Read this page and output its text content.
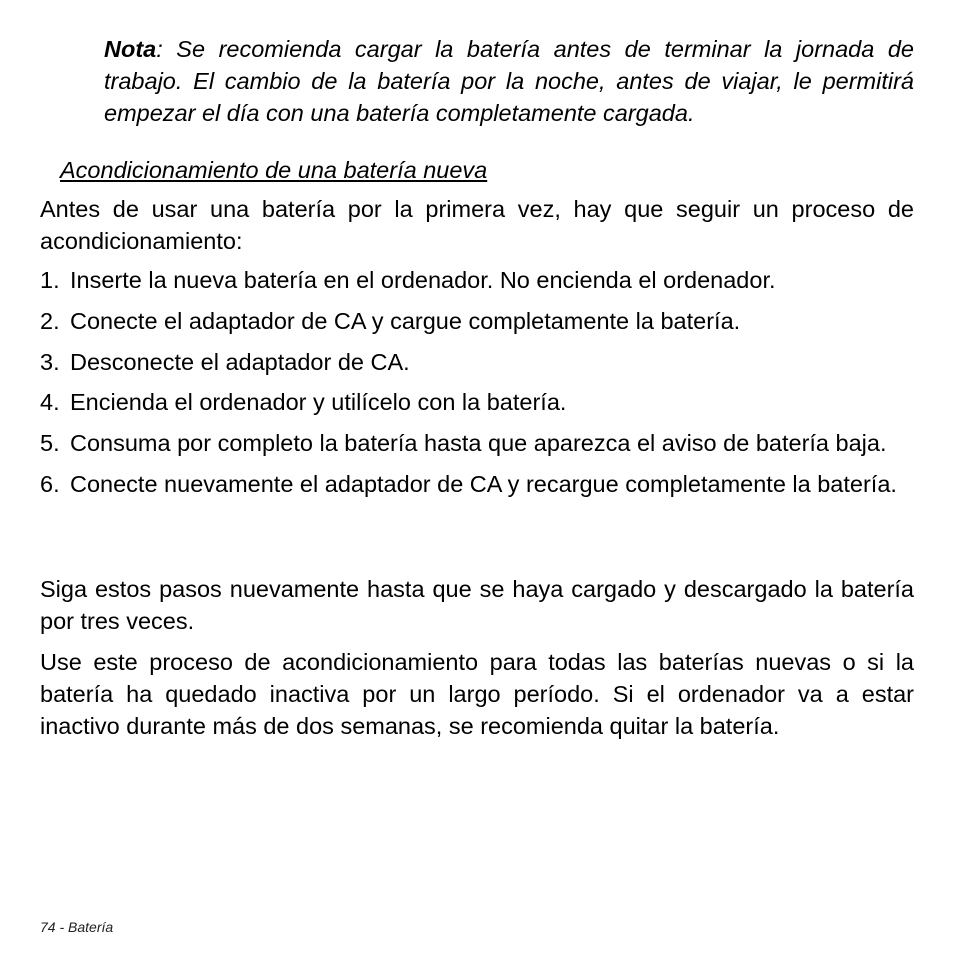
Nota: Se recomienda cargar la batería antes de terminar la jornada de trabajo. El cambio de la batería por la noche, antes de viajar, le permitirá empezar el día con una batería completamente cargada.
Acondicionamiento de una batería nueva
Antes de usar una batería por la primera vez, hay que seguir un proceso de acondicionamiento:
1. Inserte la nueva batería en el ordenador. No encienda el ordenador.
2. Conecte el adaptador de CA y cargue completamente la batería.
3. Desconecte el adaptador de CA.
4. Encienda el ordenador y utilícelo con la batería.
5. Consuma por completo la batería hasta que aparezca el aviso de batería baja.
6. Conecte nuevamente el adaptador de CA y recargue completamente la batería.
Siga estos pasos nuevamente hasta que se haya cargado y descargado la batería por tres veces.
Use este proceso de acondicionamiento para todas las baterías nuevas o si la batería ha quedado inactiva por un largo período. Si el ordenador va a estar inactivo durante más de dos semanas, se recomienda quitar la batería.
74 - Batería
